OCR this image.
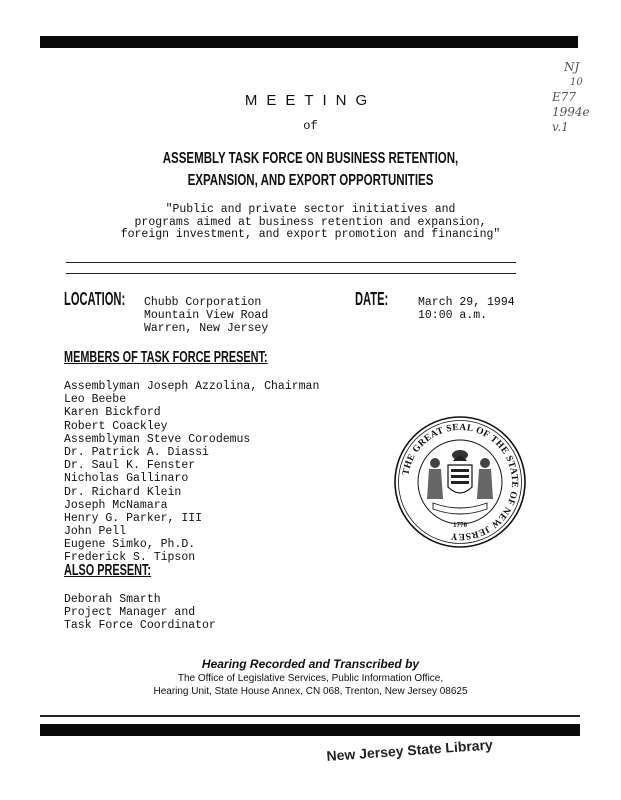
NJ
10
E77
1994e
v.1
MEETING
of
ASSEMBLY TASK FORCE ON BUSINESS RETENTION,
EXPANSION, AND EXPORT OPPORTUNITIES
"Public and private sector initiatives and
programs aimed at business retention and expansion,
foreign investment, and export promotion and financing"
LOCATION: Chubb Corporation
Mountain View Road
Warren, New Jersey
DATE:	March 29, 1994
10:00 a.m.
MEMBERS OF TASK FORCE PRESENT:
Assemblyman Joseph Azzolina, Chairman
Leo Beebe
Karen Bickford
Robert Coackley
Assemblyman Steve Corodemus
Dr. Patrick A. Diassi
Dr. Saul K. Fenster
Nicholas Gallinaro
Dr. Richard Klein
Joseph McNamara
Henry G. Parker, III
John Pell
Eugene Simko, Ph.D.
Frederick S. Tipson
THE GREAT SEAL OF THE STATE OF NEW JERSEY
1776
ALSO PRESENT:
Deborah Smarth
Project Manager and
Task Force Coordinator
Hearing Recorded and Transcribed by
The Office of Legislative Services, Public Information Office,
Hearing Unit, State House Annex, CN 068, Trenton, New Jersey 08625
New Jersey State Library
